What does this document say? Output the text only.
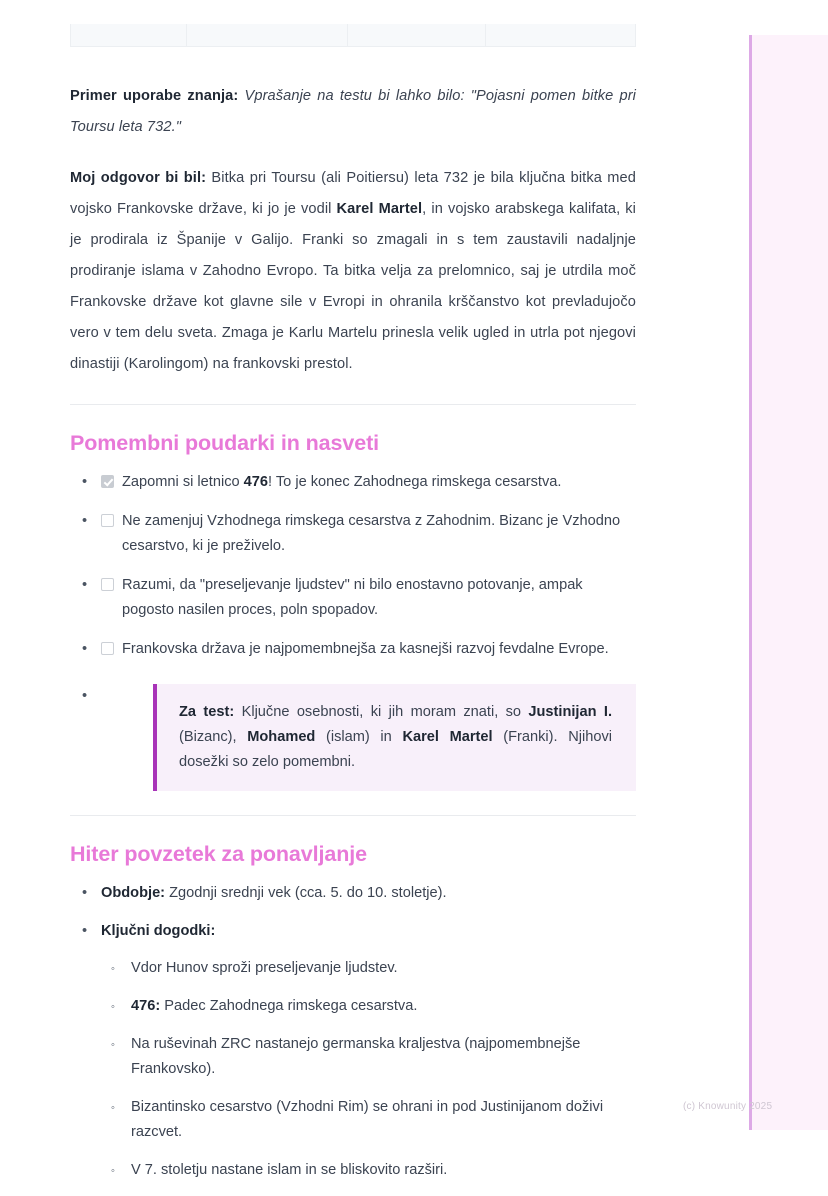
Primer uporabe znanja: Vprašanje na testu bi lahko bilo: "Pojasni pomen bitke pri Toursu leta 732."

Moj odgovor bi bil: Bitka pri Toursu (ali Poitiersu) leta 732 je bila ključna bitka med vojsko Frankovske države, ki jo je vodil Karel Martel, in vojsko arabskega kalifata, ki je prodirala iz Španije v Galijo. Franki so zmagali in s tem zaustavili nadaljnje prodiranje islama v Zahodno Evropo. Ta bitka velja za prelomnico, saj je utrdila moč Frankovske države kot glavne sile v Evropi in ohranila krščanstvo kot prevladujočo vero v tem delu sveta. Zmaga je Karlu Martelu prinesla velik ugled in utrla pot njegovi dinastiji (Karolingom) na frankovski prestol.

Pomembni poudarki in nasveti
• Zapomni si letnico 476! To je konec Zahodnega rimskega cesarstva.
• Ne zamenjuj Vzhodnega rimskega cesarstva z Zahodnim. Bizanc je Vzhodno cesarstvo, ki je preživelo.
• Razumi, da "preseljevanje ljudstev" ni bilo enostavno potovanje, ampak pogosto nasilen proces, poln spopadov.
• Frankovska država je najpomembnejša za kasnejši razvoj fevdalne Evrope.
•

Za test: Ključne osebnosti, ki jih moram znati, so Justinijan I. (Bizanc), Mohamed (islam) in Karel Martel (Franki). Njihovi dosežki so zelo pomembni.

Hiter povzetek za ponavljanje
• Obdobje: Zgodnji srednji vek (cca. 5. do 10. stoletje).
• Ključni dogodki:
◦ Vdor Hunov sproži preseljevanje ljudstev.
◦ 476: Padec Zahodnega rimskega cesarstva.
◦ Na ruševinah ZRC nastanejo germanska kraljestva (najpomembnejše Frankovsko).
◦ Bizantinsko cesarstvo (Vzhodni Rim) se ohrani in pod Justinijanom doživi razcvet.
◦ V 7. stoletju nastane islam in se bliskovito razširi.
(c) Knowunity 2025
